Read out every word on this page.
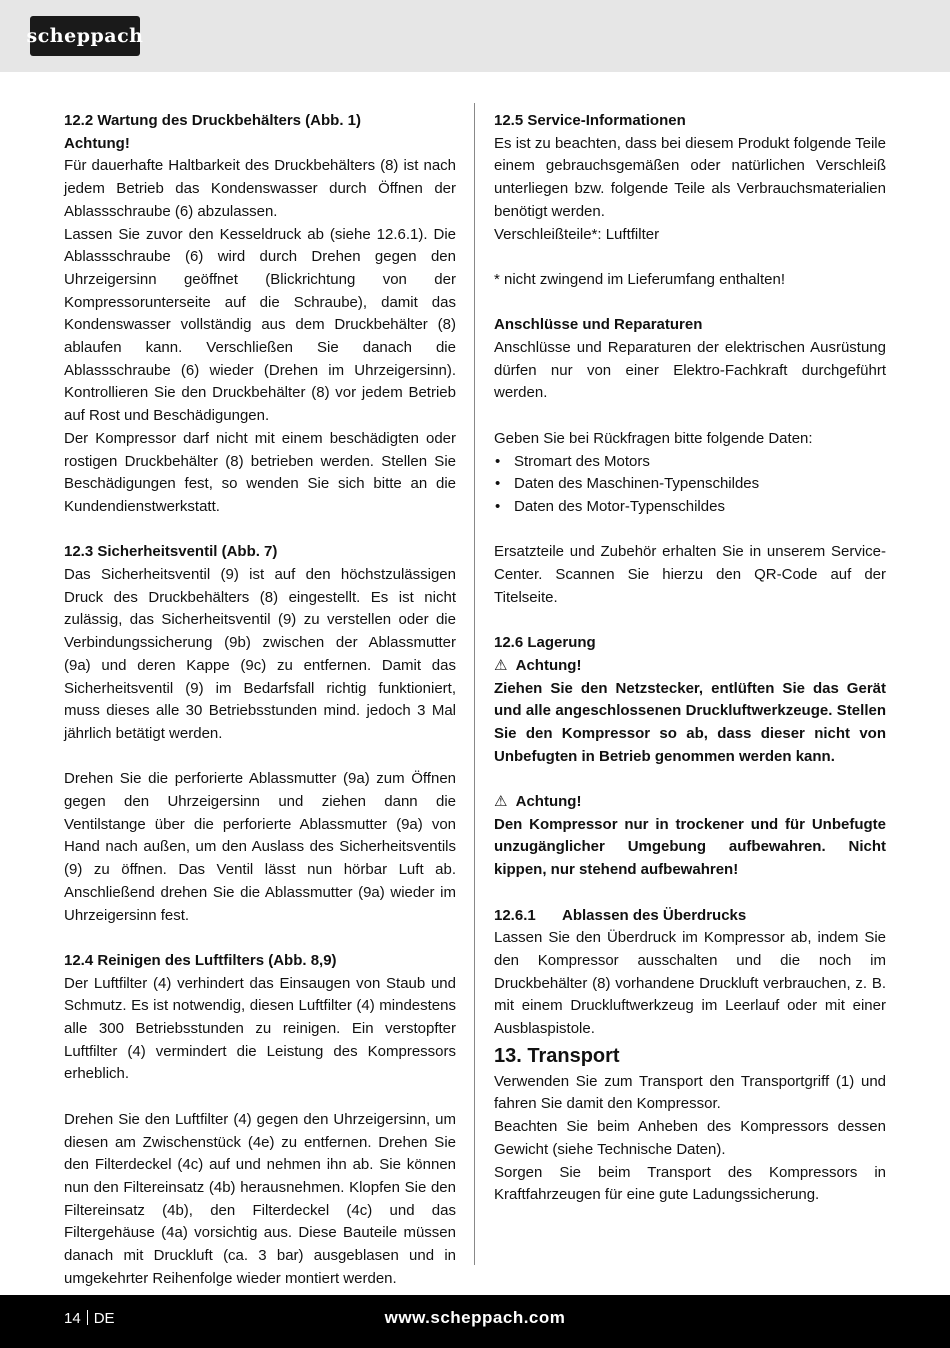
scheppach

12.2 Wartung des Druckbehälters (Abb. 1)

Achtung!

Für dauerhafte Haltbarkeit des Druckbehälters (8) ist nach jedem Betrieb das Kondenswasser durch Öffnen der Ablassschraube (6) abzulassen.

Lassen Sie zuvor den Kesseldruck ab (siehe 12.6.1). Die Ablassschraube (6) wird durch Drehen gegen den Uhrzeigersinn geöffnet (Blickrichtung von der Kompressorunterseite auf die Schraube), damit das Kondenswasser vollständig aus dem Druckbehälter (8) ablaufen kann. Verschließen Sie danach die Ablassschraube (6) wieder (Drehen im Uhrzeigersinn). Kontrollieren Sie den Druckbehälter (8) vor jedem Betrieb auf Rost und Beschädigungen.

Der Kompressor darf nicht mit einem beschädigten oder rostigen Druckbehälter (8) betrieben werden. Stellen Sie Beschädigungen fest, so wenden Sie sich bitte an die Kundendienstwerkstatt.

12.3 Sicherheitsventil (Abb. 7)

Das Sicherheitsventil (9) ist auf den höchstzulässigen Druck des Druckbehälters (8) eingestellt. Es ist nicht zulässig, das Sicherheitsventil (9) zu verstellen oder die Verbindungssicherung (9b) zwischen der Ablassmutter (9a) und deren Kappe (9c) zu entfernen. Damit das Sicherheitsventil (9) im Bedarfsfall richtig funktioniert, muss dieses alle 30 Betriebsstunden mind. jedoch 3 Mal jährlich betätigt werden.

Drehen Sie die perforierte Ablassmutter (9a) zum Öffnen gegen den Uhrzeigersinn und ziehen dann die Ventilstange über die perforierte Ablassmutter (9a) von Hand nach außen, um den Auslass des Sicherheitsventils (9) zu öffnen. Das Ventil lässt nun hörbar Luft ab. Anschließend drehen Sie die Ablassmutter (9a) wieder im Uhrzeigersinn fest.

12.4 Reinigen des Luftfilters (Abb. 8,9)

Der Luftfilter (4) verhindert das Einsaugen von Staub und Schmutz. Es ist notwendig, diesen Luftfilter (4) mindestens alle 300 Betriebsstunden zu reinigen. Ein verstopfter Luftfilter (4) vermindert die Leistung des Kompressors erheblich.

Drehen Sie den Luftfilter (4) gegen den Uhrzeigersinn, um diesen am Zwischenstück (4e) zu entfernen. Drehen Sie den Filterdeckel (4c) auf und nehmen ihn ab. Sie können nun den Filtereinsatz (4b) herausnehmen. Klopfen Sie den Filtereinsatz (4b), den Filterdeckel (4c) und das Filtergehäuse (4a) vorsichtig aus. Diese Bauteile müssen danach mit Druckluft (ca. 3 bar) ausgeblasen und in umgekehrter Reihenfolge wieder montiert werden.

12.5 Service-Informationen

Es ist zu beachten, dass bei diesem Produkt folgende Teile einem gebrauchsgemäßen oder natürlichen Verschleiß unterliegen bzw. folgende Teile als Verbrauchsmaterialien benötigt werden.

Verschleißteile*: Luftfilter

* nicht zwingend im Lieferumfang enthalten!

Anschlüsse und Reparaturen

Anschlüsse und Reparaturen der elektrischen Ausrüstung dürfen nur von einer Elektro-Fachkraft durchgeführt werden.

Geben Sie bei Rückfragen bitte folgende Daten:

• Stromart des Motors
• Daten des Maschinen-Typenschildes
• Daten des Motor-Typenschildes

Ersatzteile und Zubehör erhalten Sie in unserem Service-Center. Scannen Sie hierzu den QR-Code auf der Titelseite.

12.6 Lagerung

⚠ Achtung!

Ziehen Sie den Netzstecker, entlüften Sie das Gerät und alle angeschlossenen Druckluftwerkzeuge. Stellen Sie den Kompressor so ab, dass dieser nicht von Unbefugten in Betrieb genommen werden kann.

⚠ Achtung!

Den Kompressor nur in trockener und für Unbefugte unzugänglicher Umgebung aufbewahren. Nicht kippen, nur stehend aufbewahren!

12.6.1 Ablassen des Überdrucks

Lassen Sie den Überdruck im Kompressor ab, indem Sie den Kompressor ausschalten und die noch im Druckbehälter (8) vorhandene Druckluft verbrauchen, z. B. mit einem Druckluftwerkzeug im Leerlauf oder mit einer Ausblaspistole.

13. Transport

Verwenden Sie zum Transport den Transportgriff (1) und fahren Sie damit den Kompressor.

Beachten Sie beim Anheben des Kompressors dessen Gewicht (siehe Technische Daten).

Sorgen Sie beim Transport des Kompressors in Kraftfahrzeugen für eine gute Ladungssicherung.

14 DE	www.scheppach.com
